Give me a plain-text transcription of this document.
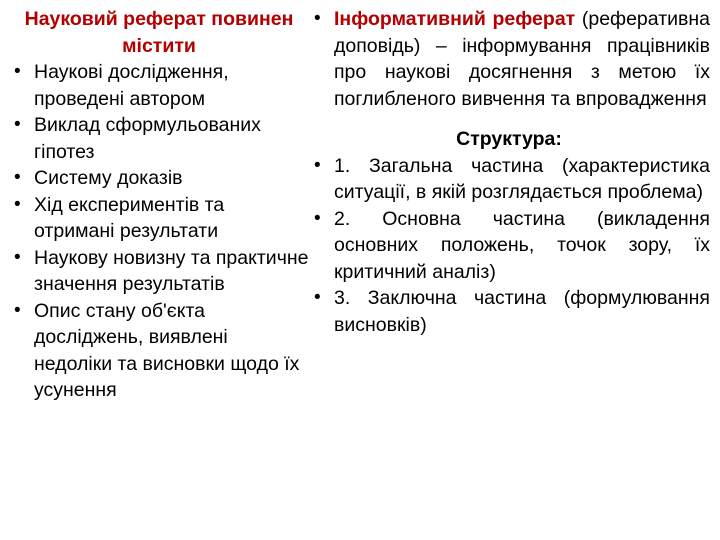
Науковий реферат повинен містити
• Наукові дослідження, проведені автором
• Виклад сформульованих гіпотез
• Систему доказів
• Хід експериментів та отримані результати
• Наукову новизну та практичне значення результатів
• Опис стану об'єкта досліджень, виявлені недоліки та висновки щодо їх усунення
• Інформативний реферат (реферативна доповідь) – інформування працівників про наукові досягнення з метою їх поглибленого вивчення та впровадження
Структура:
• 1. Загальна частина (характеристика ситуації, в якій розглядається проблема)
• 2. Основна частина (викладення основних положень, точок зору, їх критичний аналіз)
• 3. Заключна частина (формулювання висновків)
